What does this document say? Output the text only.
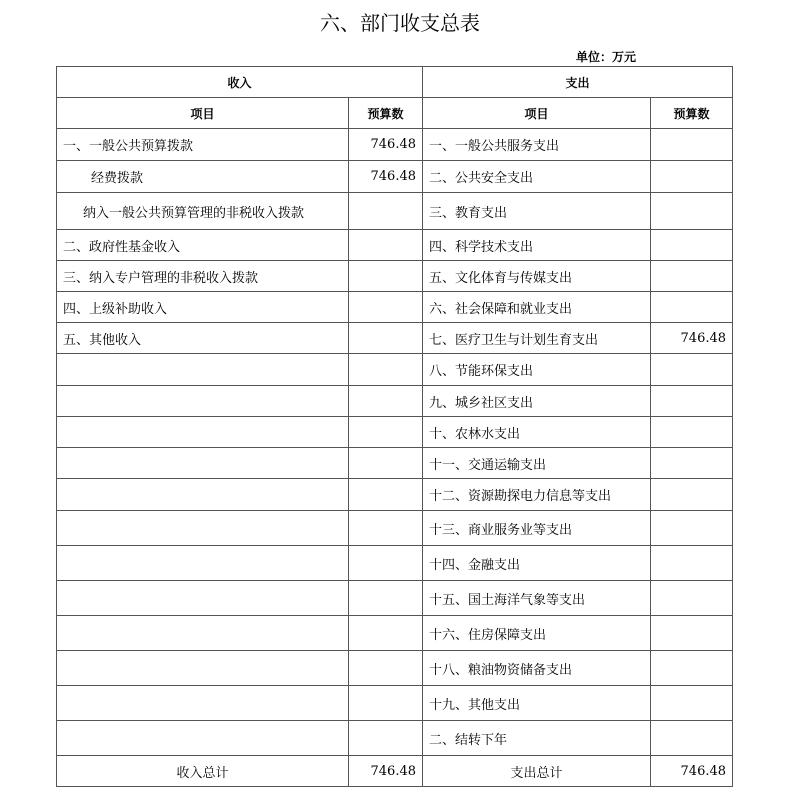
六、部门收支总表
单位：万元
收入		支出	
项目	预算数	项目	预算数
一、一般公共预算拨款	746.48	一、一般公共服务支出	
经费拨款	746.48	二、公共安全支出	
纳入一般公共预算管理的非税收入拨款		三、教育支出	
二、政府性基金收入		四、科学技术支出	
三、纳入专户管理的非税收入拨款		五、文化体育与传媒支出	
四、上级补助收入		六、社会保障和就业支出	
五、其他收入		七、医疗卫生与计划生育支出	746.48
		八、节能环保支出	
		九、城乡社区支出	
		十、农林水支出	
		十一、交通运输支出	
		十二、资源勘探电力信息等支出	
		十三、商业服务业等支出	
		十四、金融支出	
		十五、国土海洋气象等支出	
		十六、住房保障支出	
		十八、粮油物资储备支出	
		十九、其他支出	
		二、结转下年	
收入总计	746.48	支出总计	746.48
